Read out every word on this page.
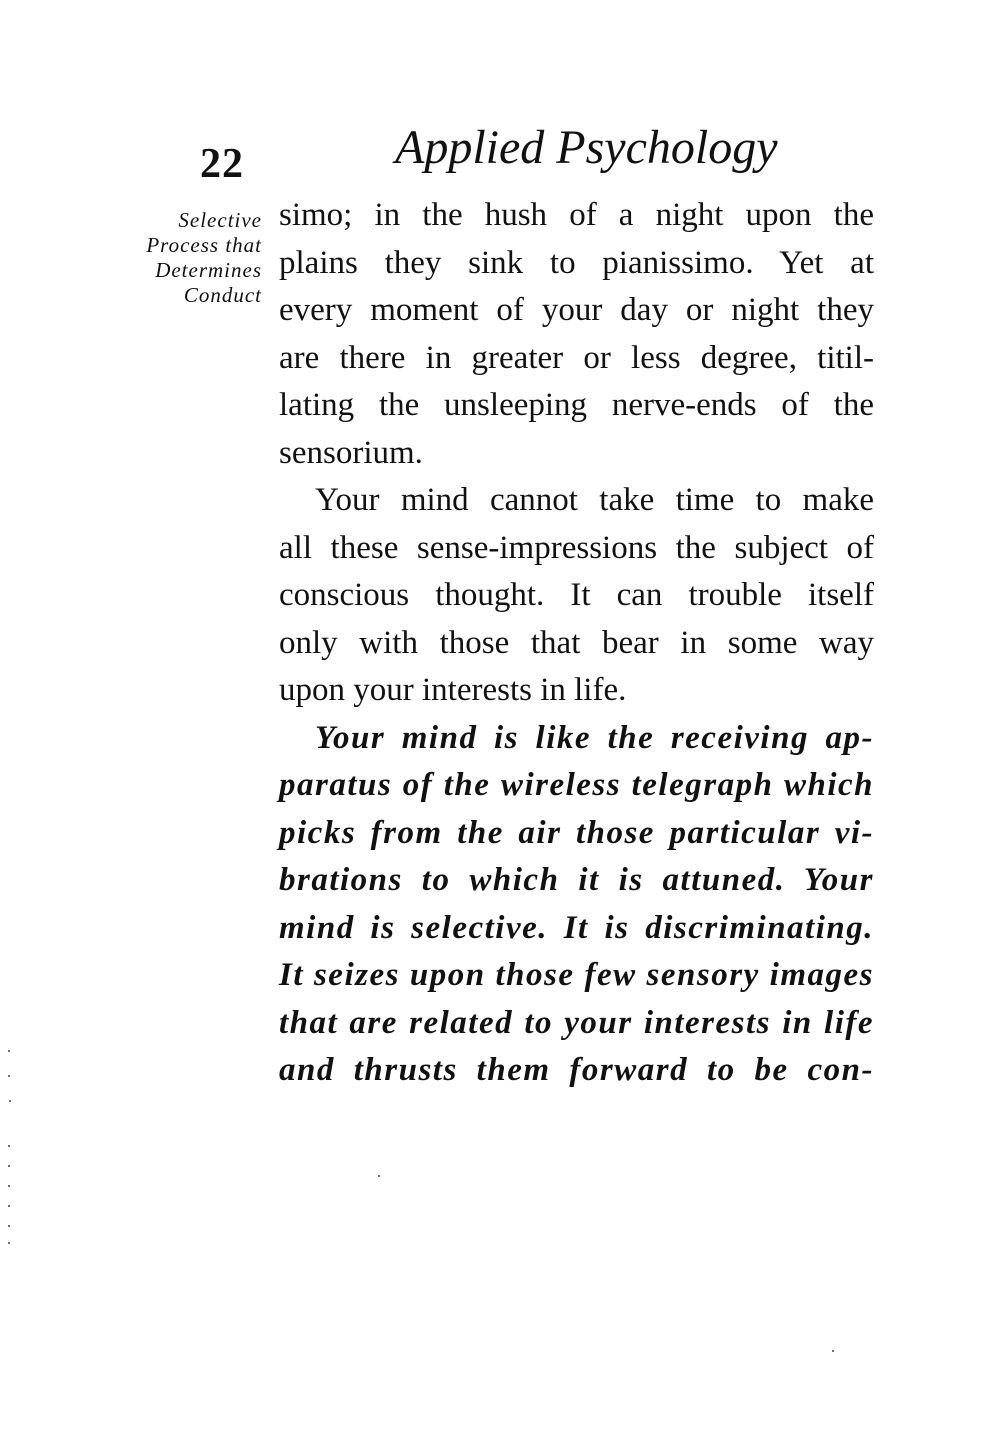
22	Applied Psychology
Selective
Process that
Determines
Conduct
simo; in the hush of a night upon the
plains they sink to pianissimo. Yet at
every moment of your day or night they
are there in greater or less degree, titil-
lating the unsleeping nerve-ends of the
sensorium.
Your mind cannot take time to make
all these sense-impressions the subject of
conscious thought. It can trouble itself
only with those that bear in some way
upon your interests in life.
Your mind is like the receiving ap-
paratus of the wireless telegraph which
picks from the air those particular vi-
brations to which it is attuned. Your
mind is selective. It is discriminating.
It seizes upon those few sensory images
that are related to your interests in life
and thrusts them forward to be con-
